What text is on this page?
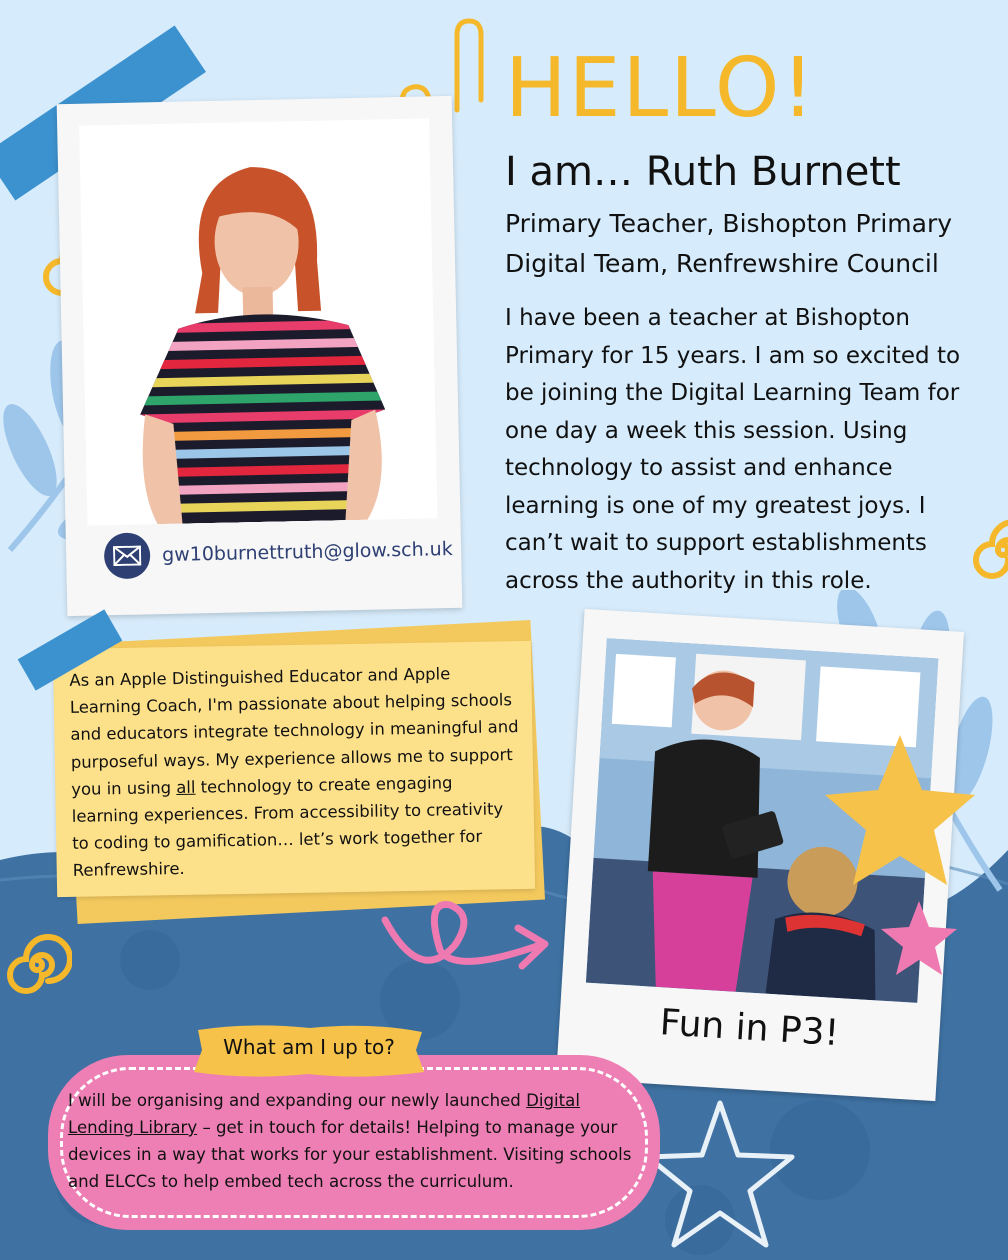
HELLO!
I am… Ruth Burnett
Primary Teacher, Bishopton Primary
Digital Team, Renfrewshire Council
I have been a teacher at Bishopton Primary for 15 years. I am so excited to be joining the Digital Learning Team for one day a week this session. Using technology to assist and enhance learning is one of my greatest joys. I can’t wait to support establishments across the authority in this role.
gw10burnettruth@glow.sch.uk
As an Apple Distinguished Educator and Apple Learning Coach, I'm passionate about helping schools and educators integrate technology in meaningful and purposeful ways. My experience allows me to support you in using all technology to create engaging learning experiences. From accessibility to creativity to coding to gamification… let’s work together for Renfrewshire.
Fun in P3!
I will be organising and expanding our newly launched Digital Lending Library – get in touch for details! Helping to manage your devices in a way that works for your establishment. Visiting schools and ELCCs to help embed tech across the curriculum.
What am I up to?
